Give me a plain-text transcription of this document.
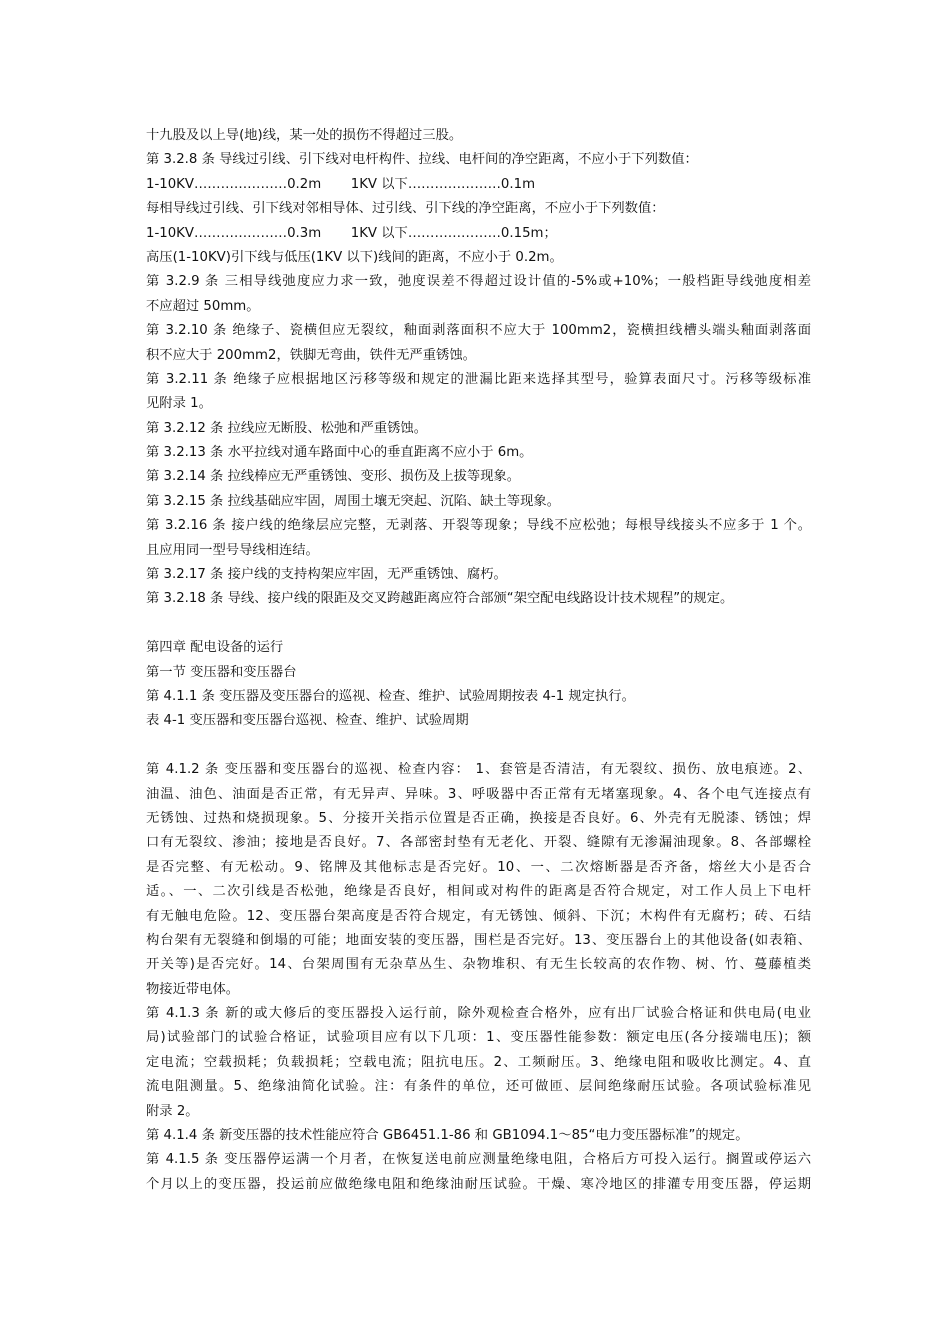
十九股及以上导(地)线，某一处的损伤不得超过三股。
第 3.2.8 条 导线过引线、引下线对电杆构件、拉线、电杆间的净空距离，不应小于下列数值：
1-10KV…………………0.2m       1KV 以下…………………0.1m
每相导线过引线、引下线对邻相导体、过引线、引下线的净空距离，不应小于下列数值：
1-10KV…………………0.3m       1KV 以下…………………0.15m；
高压(1-10KV)引下线与低压(1KV 以下)线间的距离，不应小于 0.2m。
第 3.2.9 条 三相导线弛度应力求一致，弛度误差不得超过设计值的-5%或+10%；一般档距导线弛度相差
不应超过 50mm。
第 3.2.10 条 绝缘子、瓷横但应无裂纹，釉面剥落面积不应大于 100mm2，瓷横担线槽头端头釉面剥落面
积不应大于 200mm2，铁脚无弯曲，铁件无严重锈蚀。
第 3.2.11 条 绝缘子应根据地区污移等级和规定的泄漏比距来选择其型号，验算表面尺寸。污移等级标准
见附录 1。
第 3.2.12 条 拉线应无断股、松弛和严重锈蚀。
第 3.2.13 条 水平拉线对通车路面中心的垂直距离不应小于 6m。
第 3.2.14 条 拉线棒应无严重锈蚀、变形、损伤及上拔等现象。
第 3.2.15 条 拉线基础应牢固，周围土壤无突起、沉陷、缺土等现象。
第 3.2.16 条 接户线的绝缘层应完整，无剥落、开裂等现象；导线不应松弛；每根导线接头不应多于 1 个。
且应用同一型号导线相连结。
第 3.2.17 条 接户线的支持构架应牢固，无严重锈蚀、腐朽。
第 3.2.18 条 导线、接户线的限距及交叉跨越距离应符合部颁“架空配电线路设计技术规程”的规定。
第四章 配电设备的运行
第一节 变压器和变压器台
第 4.1.1 条 变压器及变压器台的巡视、检查、维护、试验周期按表 4-1 规定执行。
表 4-1 变压器和变压器台巡视、检查、维护、试验周期
第 4.1.2 条 变压器和变压器台的巡视、检查内容： 1、套管是否清洁，有无裂纹、损伤、放电痕迹。2、
油温、油色、油面是否正常，有无异声、异味。3、呼吸器中否正常有无堵塞现象。4、各个电气连接点有
无锈蚀、过热和烧损现象。5、分接开关指示位置是否正确，换接是否良好。6、外壳有无脱漆、锈蚀；焊
口有无裂纹、渗油；接地是否良好。7、各部密封垫有无老化、开裂、缝隙有无渗漏油现象。8、各部螺栓
是否完整、有无松动。9、铭牌及其他标志是否完好。10、一、二次熔断器是否齐备，熔丝大小是否合
适。、一、二次引线是否松弛，绝缘是否良好，相间或对构件的距离是否符合规定，对工作人员上下电杆
有无触电危险。12、变压器台架高度是否符合规定，有无锈蚀、倾斜、下沉；木构件有无腐朽；砖、石结
构台架有无裂缝和倒塌的可能；地面安装的变压器，围栏是否完好。13、变压器台上的其他设备(如表箱、
开关等)是否完好。14、台架周围有无杂草丛生、杂物堆积、有无生长较高的农作物、树、竹、蔓藤植类
物接近带电体。
第 4.1.3 条 新的或大修后的变压器投入运行前，除外观检查合格外，应有出厂试验合格证和供电局(电业
局)试验部门的试验合格证，试验项目应有以下几项：1、变压器性能参数：额定电压(各分接端电压)；额
定电流；空载损耗；负载损耗；空载电流；阻抗电压。2、工频耐压。3、绝缘电阻和吸收比测定。4、直
流电阻测量。5、绝缘油简化试验。注：有条件的单位，还可做匝、层间绝缘耐压试验。各项试验标准见
附录 2。
第 4.1.4 条 新变压器的技术性能应符合 GB6451.1-86 和 GB1094.1～85“电力变压器标准”的规定。
第 4.1.5 条 变压器停运满一个月者，在恢复送电前应测量绝缘电阻，合格后方可投入运行。搁置或停运六
个月以上的变压器，投运前应做绝缘电阻和绝缘油耐压试验。干燥、寒冷地区的排灌专用变压器，停运期
